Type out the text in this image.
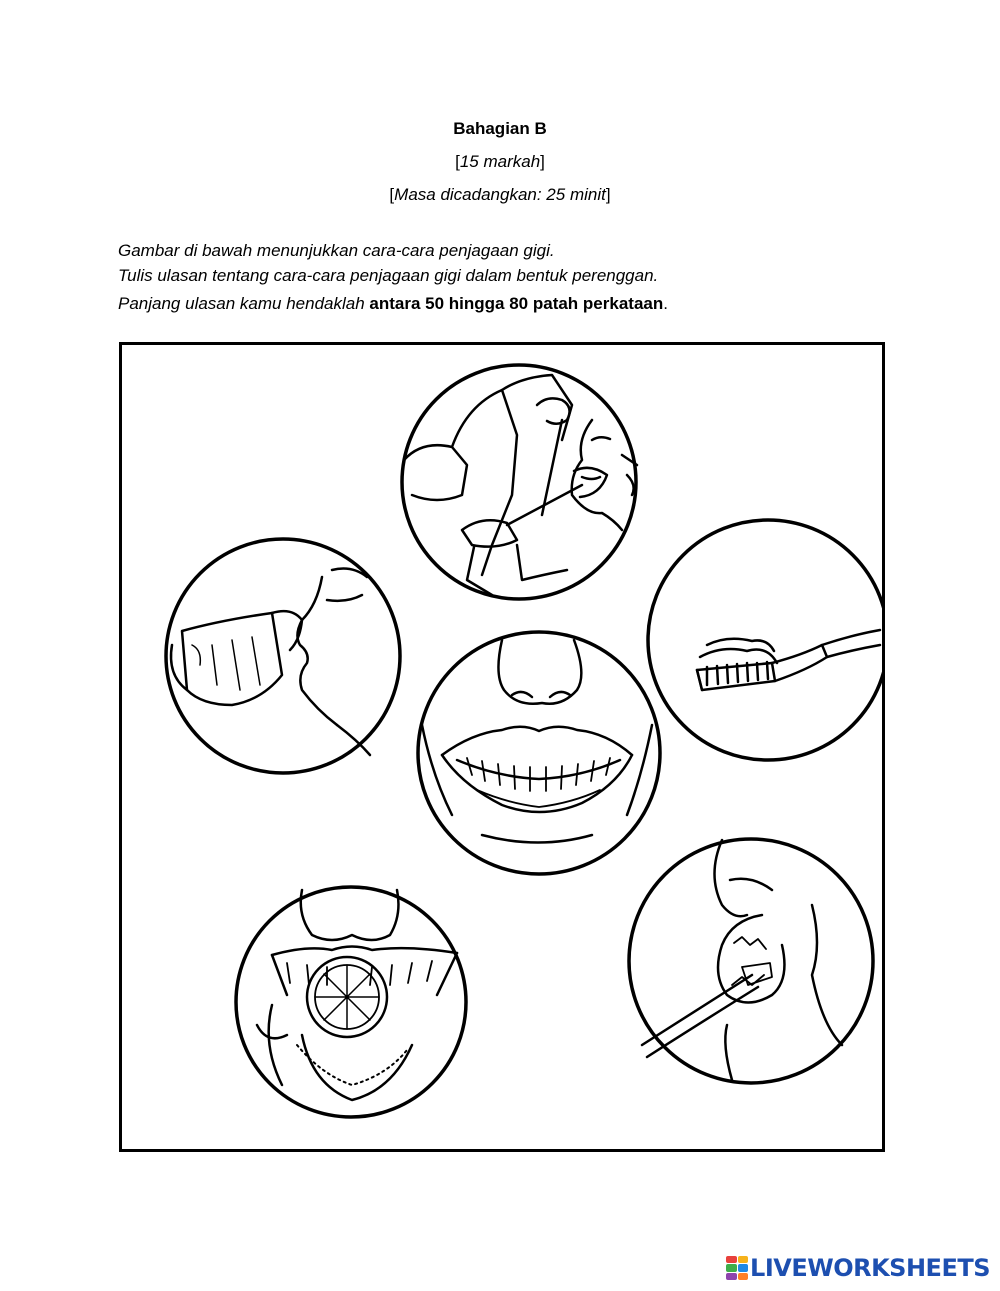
Bahagian B
[15 markah]
[Masa dicadangkan: 25 minit]
Gambar di bawah menunjukkan cara-cara penjagaan gigi.
Tulis ulasan tentang cara-cara penjagaan gigi dalam bentuk perenggan.
Panjang ulasan kamu hendaklah antara 50 hingga 80 patah perkataan.
LIVEWORKSHEETS
